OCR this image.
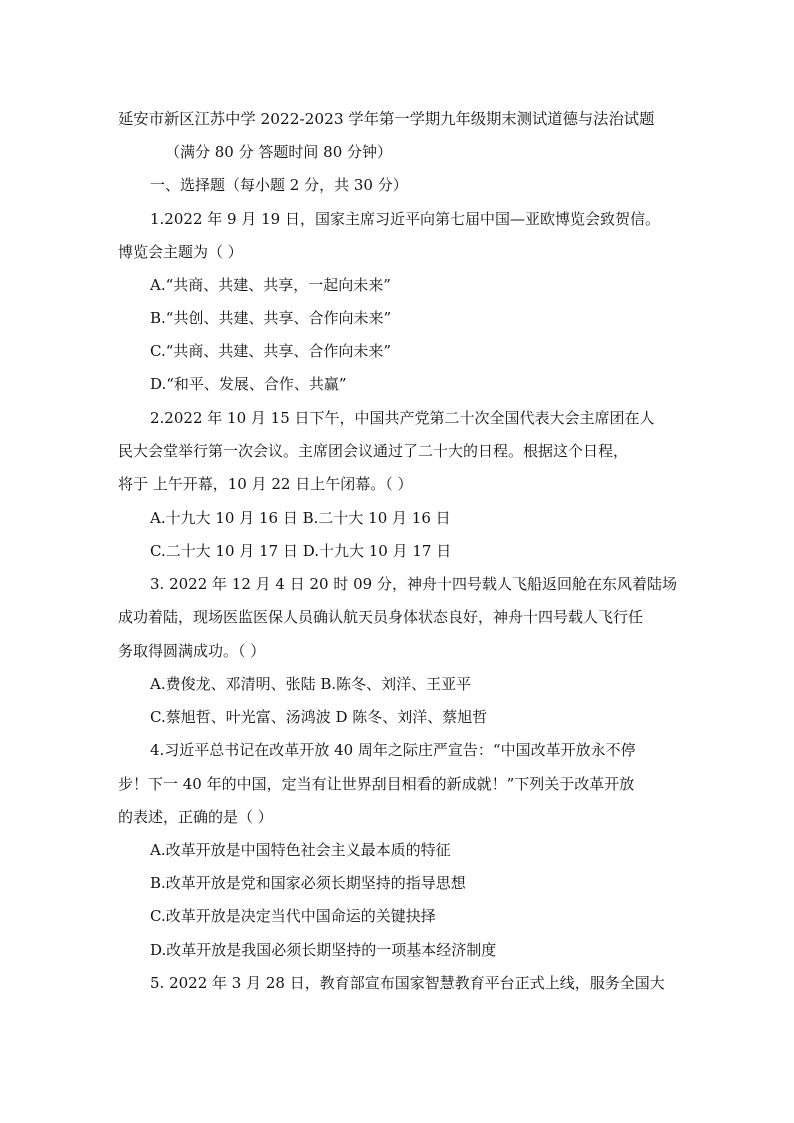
延安市新区江苏中学 2022-2023 学年第一学期九年级期末测试道德与法治试题
（满分 80 分 答题时间 80 分钟）
一、选择题（每小题 2 分，共 30 分）
1.2022 年 9 月 19 日，国家主席习近平向第七届中国—亚欧博览会致贺信。
博览会主题为（ ）
A.“共商、共建、共享，一起向未来”
B.“共创、共建、共享、合作向未来”
C.“共商、共建、共享、合作向未来”
D.“和平、发展、合作、共赢”
2.2022 年 10 月 15 日下午，中国共产党第二十次全国代表大会主席团在人
民大会堂举行第一次会议。主席团会议通过了二十大的日程。根据这个日程，
将于 上午开幕，10 月 22 日上午闭幕。（ ）
A.十九大 10 月 16 日 B.二十大 10 月 16 日
C.二十大 10 月 17 日 D.十九大 10 月 17 日
3. 2022 年 12 月 4 日 20 时 09 分，神舟十四号载人飞船返回舱在东风着陆场
成功着陆，现场医监医保人员确认航天员身体状态良好，神舟十四号载人飞行任
务取得圆满成功。（ ）
A.费俊龙、邓清明、张陆 B.陈冬、刘洋、王亚平
C.蔡旭哲、叶光富、汤鸿波 D 陈冬、刘洋、蔡旭哲
4.习近平总书记在改革开放 40 周年之际庄严宣告：“中国改革开放永不停
步！下一 40 年的中国，定当有让世界刮目相看的新成就！”下列关于改革开放
的表述，正确的是（ ）
A.改革开放是中国特色社会主义最本质的特征
B.改革开放是党和国家必须长期坚持的指导思想
C.改革开放是决定当代中国命运的关键抉择
D.改革开放是我国必须长期坚持的一项基本经济制度
5. 2022 年 3 月 28 日，教育部宣布国家智慧教育平台正式上线，服务全国大
